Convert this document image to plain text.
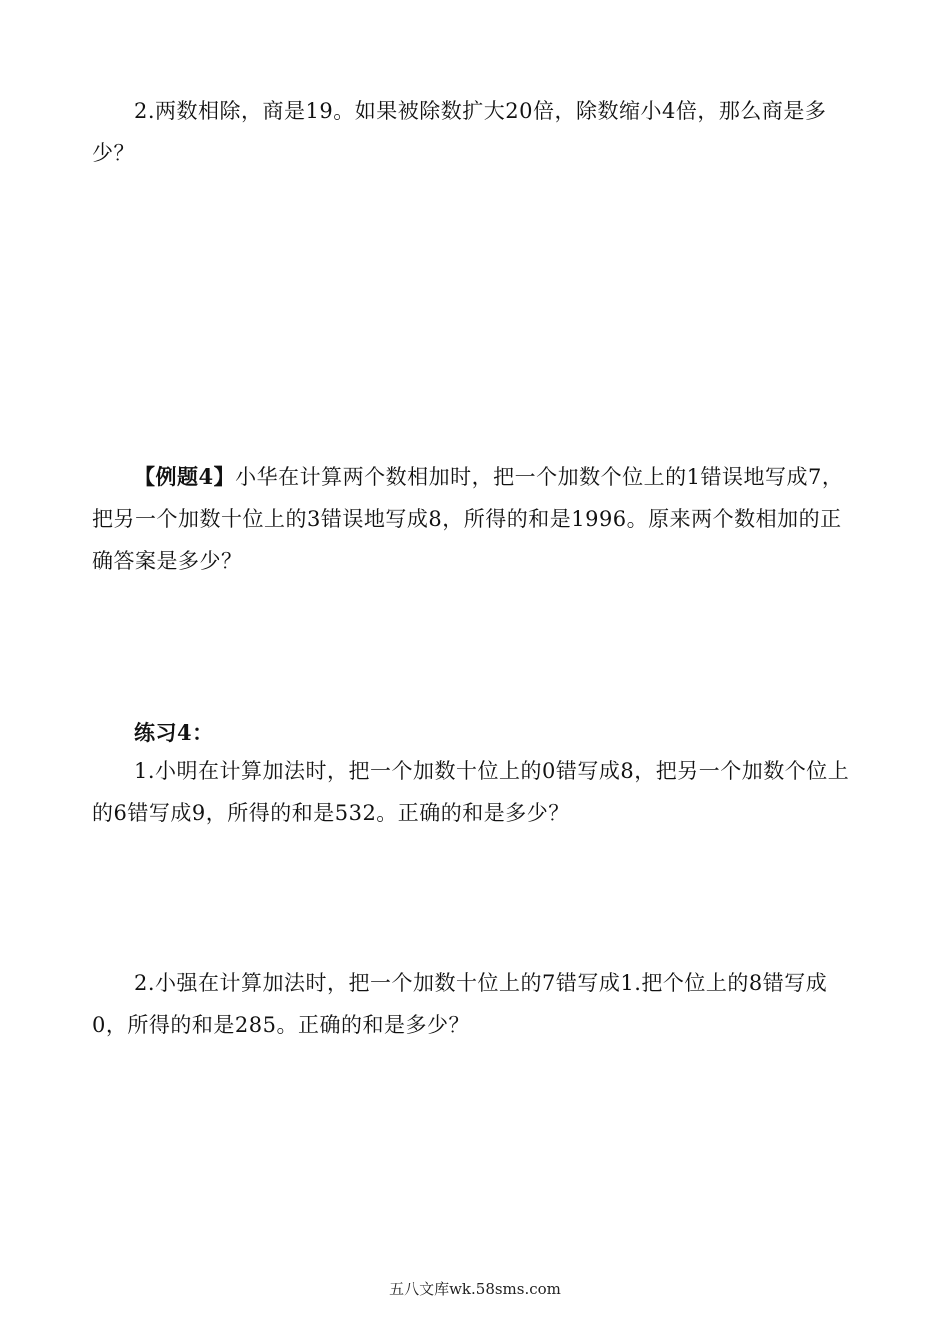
2.两数相除，商是19。如果被除数扩大20倍，除数缩小4倍，那么商是多少？

【例题4】小华在计算两个数相加时，把一个加数个位上的1错误地写成7，把另一个加数十位上的3错误地写成8，所得的和是1996。原来两个数相加的正确答案是多少？

练习4：

1.小明在计算加法时，把一个加数十位上的0错写成8，把另一个加数个位上的6错写成9，所得的和是532。正确的和是多少？

2.小强在计算加法时，把一个加数十位上的7错写成1.把个位上的8错写成0，所得的和是285。正确的和是多少？

五八文库wk.58sms.com
